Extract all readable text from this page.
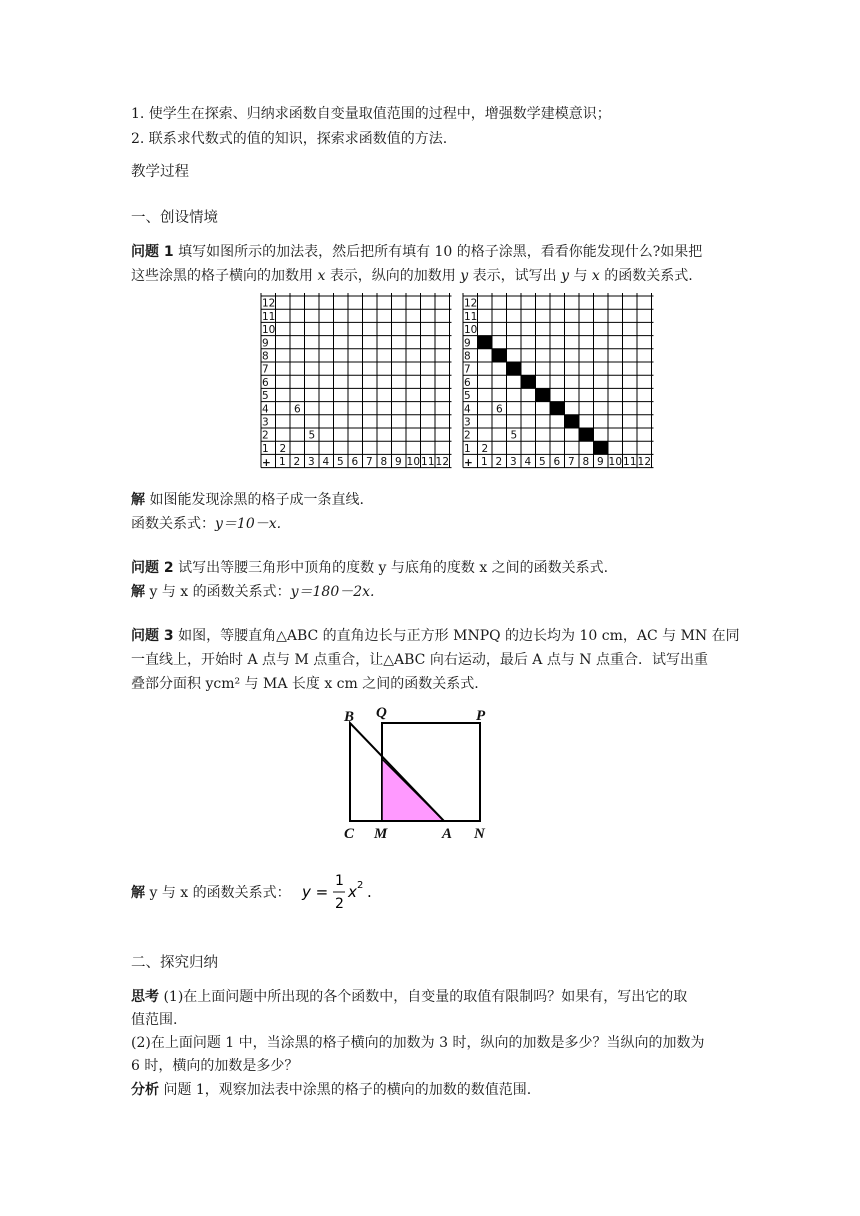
1. 使学生在探索、归纳求函数自变量取值范围的过程中，增强数学建模意识；
2. 联系求代数式的值的知识，探索求函数值的方法.
教学过程
一、创设情境
问题 1 填写如图所示的加法表，然后把所有填有 10 的格子涂黑，看看你能发现什么?如果把
这些涂黑的格子横向的加数用 x 表示，纵向的加数用 y 表示，试写出 y 与 x 的函数关系式.
12
11
10
9
8
7
6
5
4
3
2
1
+ 1 2 3 4 5 6 7 8 9 10 11 12
2
5
6
12
11
10
9
8
7
6
5
4
3
2
1
+ 1 2 3 4 5 6 7 8 9 10 11 12
2
5
6
解 如图能发现涂黑的格子成一条直线.
函数关系式：y＝10－x.
问题 2 试写出等腰三角形中顶角的度数 y 与底角的度数 x 之间的函数关系式.
解 y 与 x 的函数关系式：y＝180－2x.
问题 3 如图，等腰直角△ABC 的直角边长与正方形 MNPQ 的边长均为 10 cm，AC 与 MN 在同
一直线上，开始时 A 点与 M 点重合，让△ABC 向右运动，最后 A 点与 N 点重合．试写出重
叠部分面积 ycm² 与 MA 长度 x cm 之间的函数关系式.
B Q	P
C M	A N
解 y 与 x 的函数关系式： y =
1
2
x 2 .
二、探究归纳
思考 (1)在上面问题中所出现的各个函数中，自变量的取值有限制吗？如果有，写出它的取
值范围.
(2)在上面问题 1 中，当涂黑的格子横向的加数为 3 时，纵向的加数是多少？当纵向的加数为
6 时，横向的加数是多少？
分析 问题 1，观察加法表中涂黑的格子的横向的加数的数值范围.
